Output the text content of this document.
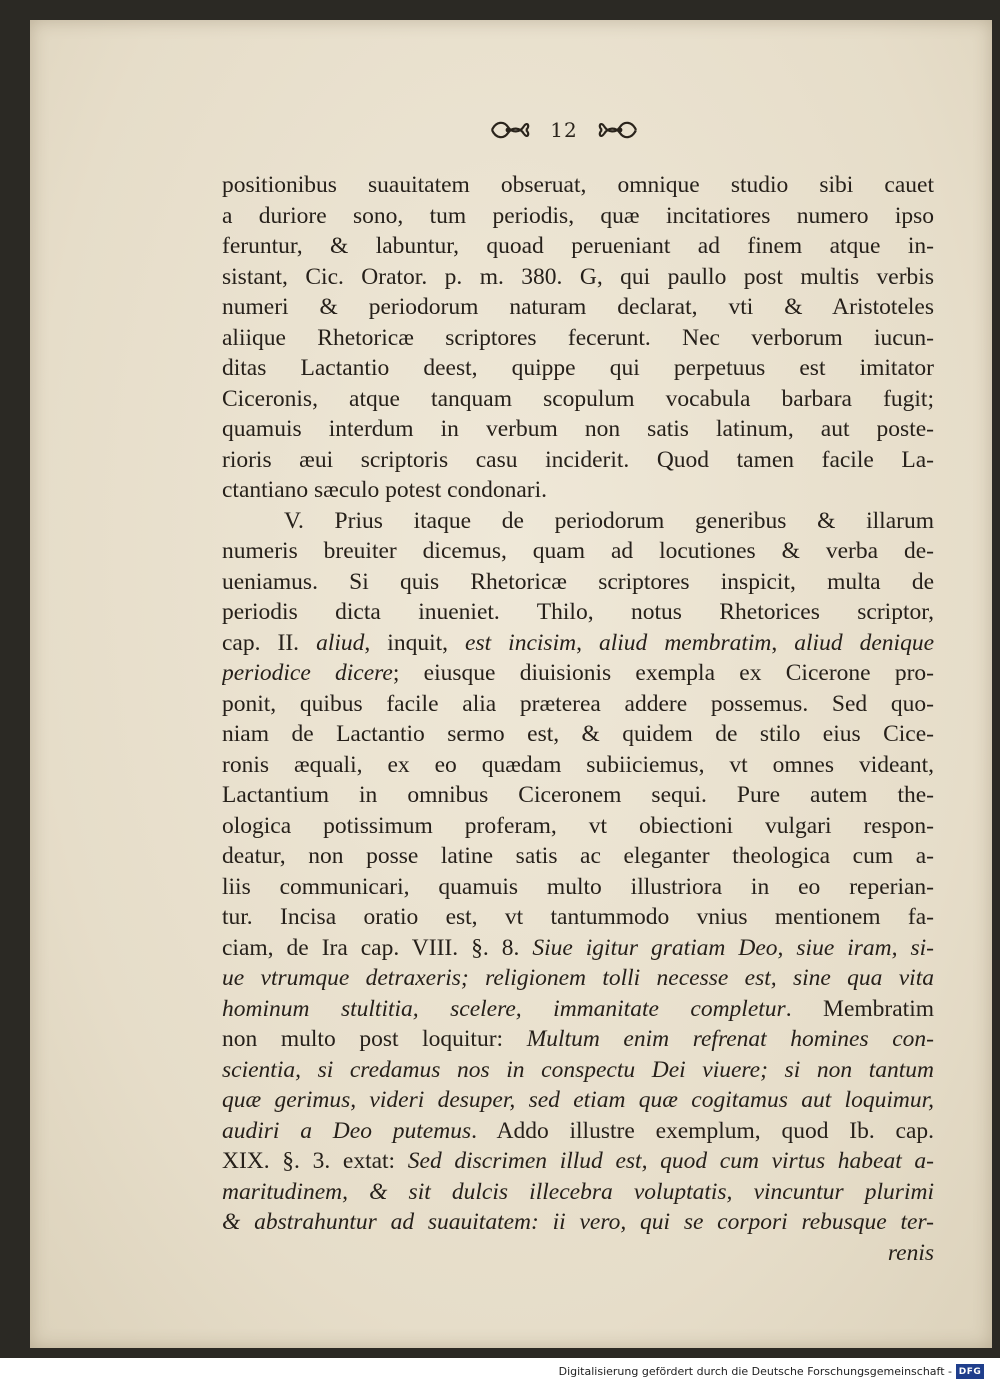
12
positionibus suauitatem obseruat, omnique studio sibi cauet
a duriore sono, tum periodis, quæ incitatiores numero ipso
feruntur, & labuntur, quoad perueniant ad finem atque in-
sistant, Cic. Orator. p. m. 380. G, qui paullo post multis verbis
numeri & periodorum naturam declarat, vti & Aristoteles
aliique Rhetoricæ scriptores fecerunt. Nec verborum iucun-
ditas Lactantio deest, quippe qui perpetuus est imitator
Ciceronis, atque tanquam scopulum vocabula barbara fugit;
quamuis interdum in verbum non satis latinum, aut poste-
rioris æui scriptoris casu inciderit. Quod tamen facile La-
ctantiano sæculo potest condonari.
V. Prius itaque de periodorum generibus & illarum
numeris breuiter dicemus, quam ad locutiones & verba de-
ueniamus. Si quis Rhetoricæ scriptores inspicit, multa de
periodis dicta inueniet. Thilo, notus Rhetorices scriptor,
cap. II. aliud, inquit, est incisim, aliud membratim, aliud denique
periodice dicere; eiusque diuisionis exempla ex Cicerone pro-
ponit, quibus facile alia præterea addere possemus. Sed quo-
niam de Lactantio sermo est, & quidem de stilo eius Cice-
ronis æquali, ex eo quædam subiiciemus, vt omnes videant,
Lactantium in omnibus Ciceronem sequi. Pure autem the-
ologica potissimum proferam, vt obiectioni vulgari respon-
deatur, non posse latine satis ac eleganter theologica cum a-
liis communicari, quamuis multo illustriora in eo reperian-
tur. Incisa oratio est, vt tantummodo vnius mentionem fa-
ciam, de Ira cap. VIII. §. 8. Siue igitur gratiam Deo, siue iram, si-
ue vtrumque detraxeris; religionem tolli necesse est, sine qua vita
hominum stultitia, scelere, immanitate completur. Membratim
non multo post loquitur: Multum enim refrenat homines con-
scientia, si credamus nos in conspectu Dei viuere; si non tantum
quæ gerimus, videri desuper, sed etiam quæ cogitamus aut loquimur,
audiri a Deo putemus. Addo illustre exemplum, quod Ib. cap.
XIX. §. 3. extat: Sed discrimen illud est, quod cum virtus habeat a-
maritudinem, & sit dulcis illecebra voluptatis, vincuntur plurimi
& abstrahuntur ad suauitatem: ii vero, qui se corpori rebusque ter-
renis
Digitalisierung gefördert durch die Deutsche Forschungsgemeinschaft - DFG
